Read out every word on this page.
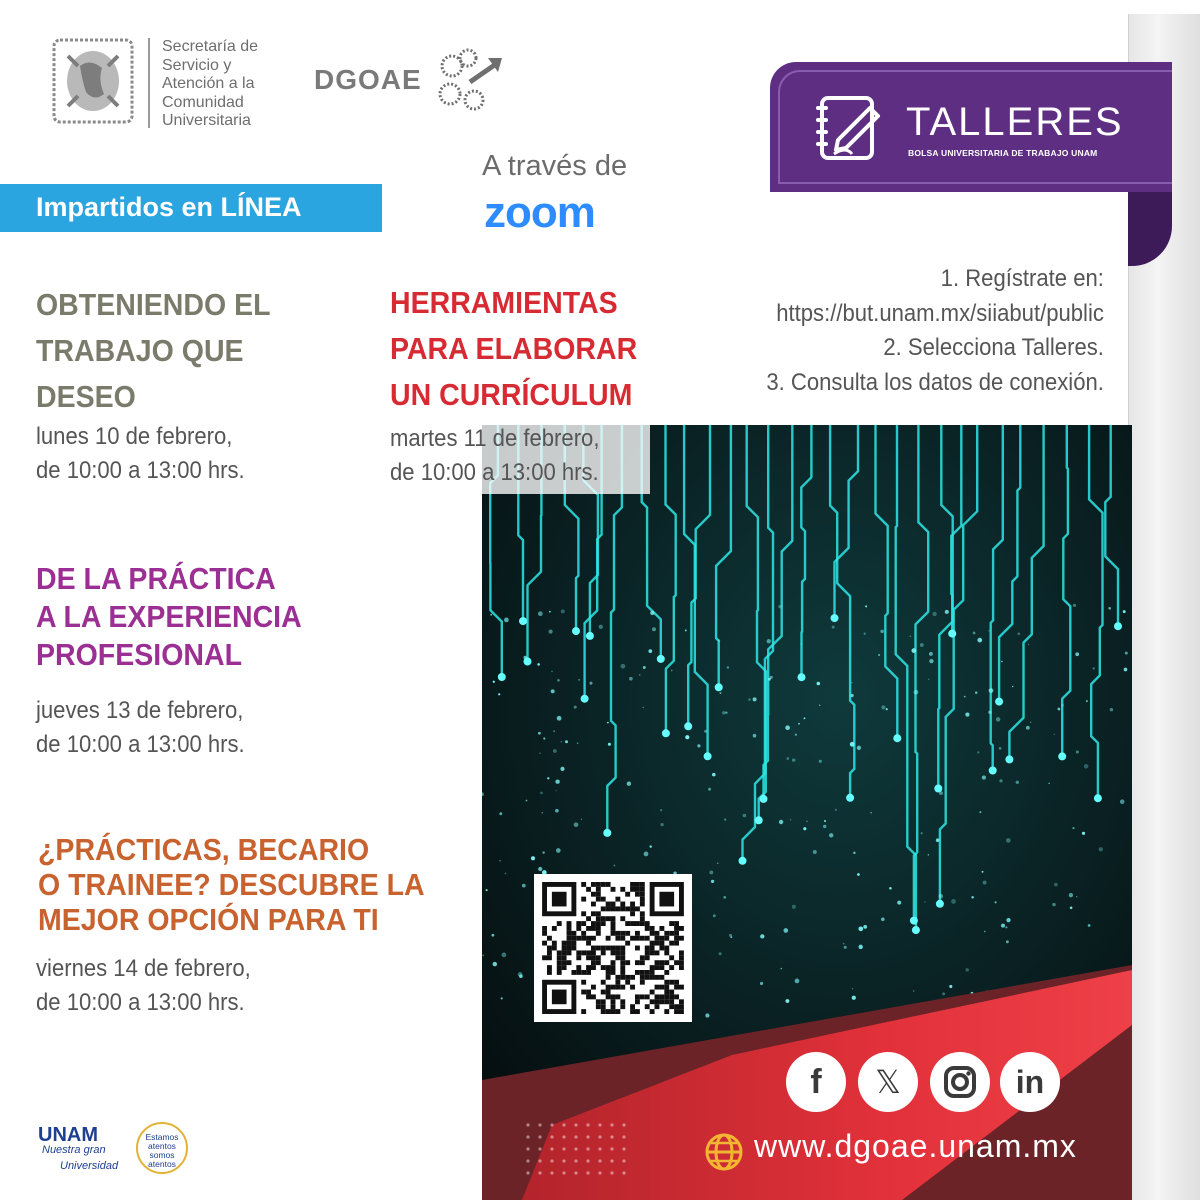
Secretaría de
Servicio y
Atención a la
Comunidad
Universitaria
DGOAE
TALLERES
BOLSA UNIVERSITARIA DE TRABAJO UNAM
Impartidos en LÍNEA
A través de
zoom
1. Regístrate en:
https://but.unam.mx/siiabut/public
2. Selecciona Talleres.
3. Consulta los datos de conexión.
OBTENIENDO EL
TRABAJO QUE
DESEO
lunes 10 de febrero,
de 10:00 a 13:00 hrs.
HERRAMIENTAS
PARA ELABORAR
UN CURRÍCULUM
martes 11 de febrero,
de 10:00 a 13:00 hrs.
DE LA PRÁCTICA
A LA EXPERIENCIA
PROFESIONAL
jueves 13 de febrero,
de 10:00 a 13:00 hrs.
¿PRÁCTICAS, BECARIO
O TRAINEE? DESCUBRE LA
MEJOR OPCIÓN PARA TI
viernes 14 de febrero,
de 10:00 a 13:00 hrs.
f	𝕏	in
www.dgoae.unam.mx
UNAM
Nuestra gran
Universidad
Estamos
atentos
somos
atentos
